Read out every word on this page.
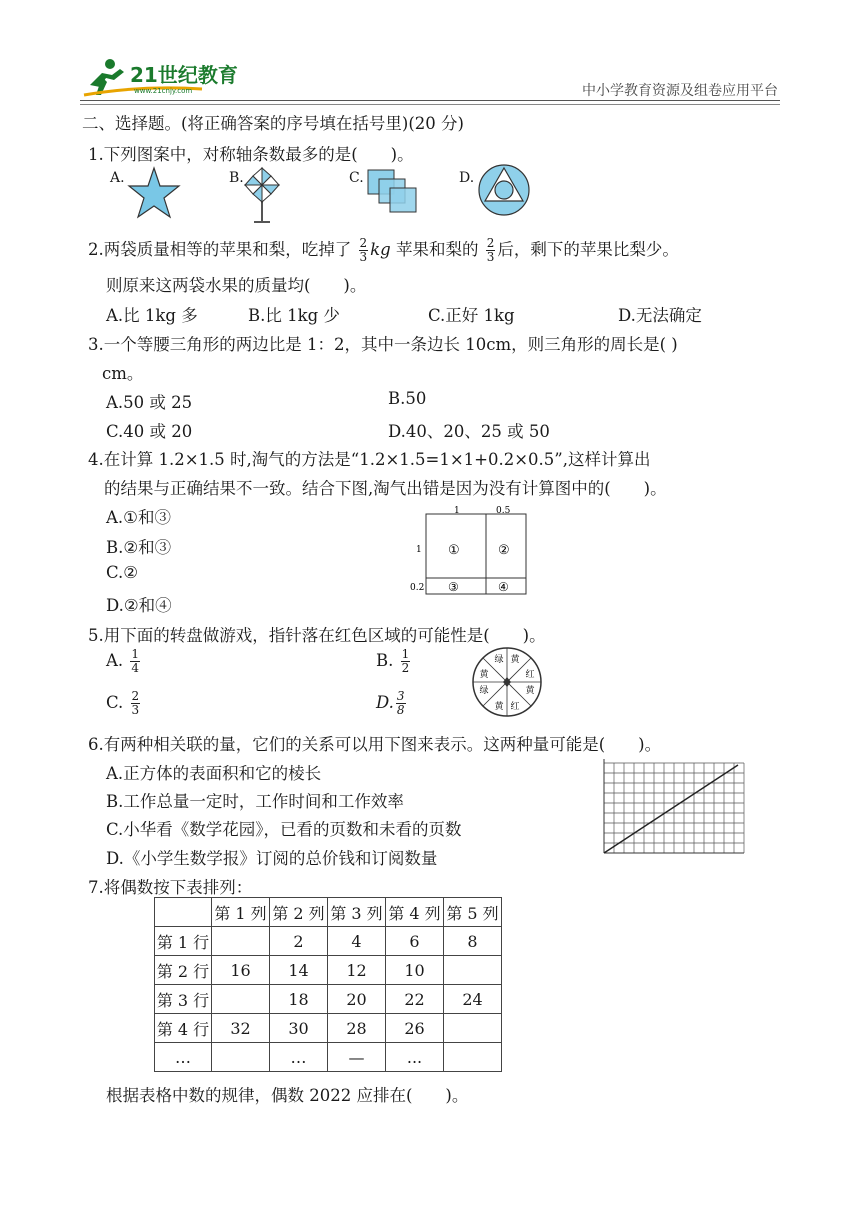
21世纪教育
www.21cnjy.com	中小学教育资源及组卷应用平台
二、选择题。(将正确答案的序号填在括号里)(20 分)
1.下列图案中，对称轴条数最多的是(　　)。
A.	B.	C.	D.
2.两袋质量相等的苹果和梨，吃掉了 $\frac{2}{3}$ kg 苹果和梨的 $\frac{2}{3}$ 后，剩下的苹果比梨少。
则原来这两袋水果的质量均(　　)。
A.比 1kg 多	B.比 1kg 少	C.正好 1kg	D.无法确定
3.一个等腰三角形的两边比是 1：2，其中一条边长 10cm，则三角形的周长是( )
cm。
A.50 或 25	B.50
C.40 或 20	D.40、20、25 或 50
4.在计算 1.2×1.5 时,淘气的方法是“1.2×1.5=1×1+0.2×0.5”,这样计算出
的结果与正确结果不一致。结合下图,淘气出错是因为没有计算图中的(　　)。
A.①和③
B.②和③
C.②
D.②和④
1	0.5
1
0.2
①	②
③	④
5.用下面的转盘做游戏，指针落在红色区域的可能性是(　　)。
A. $\frac{1}{4}$	B. $\frac{1}{2}$
C. $\frac{2}{3}$	D. $\frac{3}{8}$
黄
红
黄
红
黄
绿
黄
绿
6.有两种相关联的量，它们的关系可以用下图来表示。这两种量可能是(　　)。
A.正方体的表面积和它的棱长
B.工作总量一定时，工作时间和工作效率
C.小华看《数学花园》，已看的页数和未看的页数
D.《小学生数学报》订阅的总价钱和订阅数量
7.将偶数按下表排列：
	第 1 列	第 2 列	第 3 列	第 4 列	第 5 列
第 1 行		2	4	6	8
第 2 行	16	14	12	10	
第 3 行		18	20	22	24
第 4 行	32	30	28	26	
…		…	—	...	
根据表格中数的规律，偶数 2022 应排在(　　)。
